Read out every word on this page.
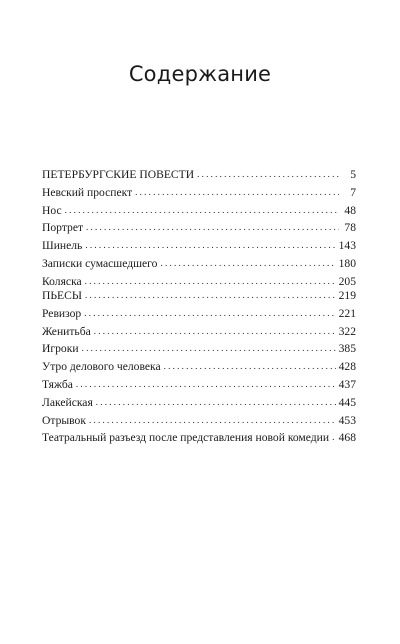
Содержание
ПЕТЕРБУРГСКИЕ ПОВЕСТИ . . .	5
Невский проспект . . .	7
Нос . . .	48
Портрет . . .	78
Шинель . . .	143
Записки сумасшедшего . . .	180
Коляска . . .	205
ПЬЕСЫ . . .	219
Ревизор . . .	221
Женитьба . . .	322
Игроки . . .	385
Утро делового человека . . .	428
Тяжба . . .	437
Лакейская . . .	445
Отрывок . . .	453
Театральный разъезд после представления новой комедии . . . 468
